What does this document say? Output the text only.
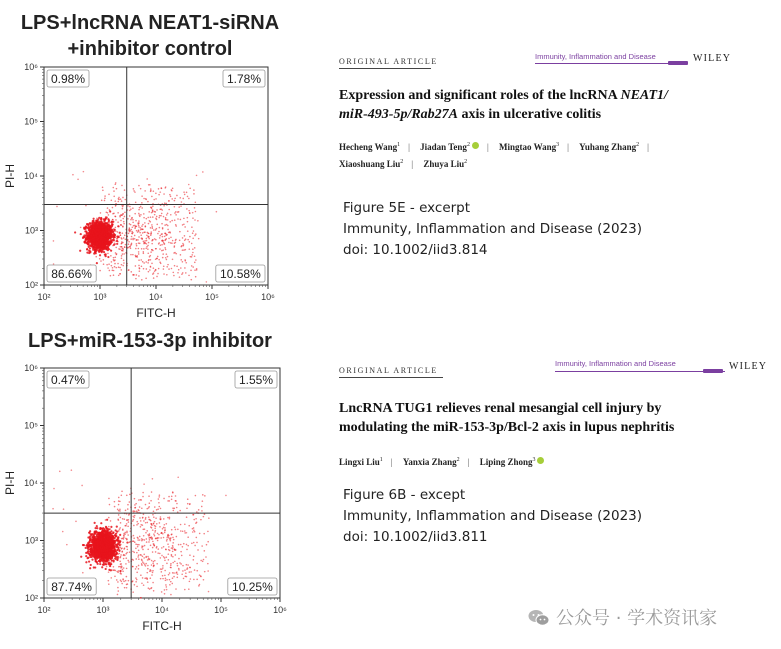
LPS+lncRNA NEAT1-siRNA
+inhibitor control
10²
10²
10³
10³
10⁴
10⁴
10⁵
10⁵
10⁶
10⁶
FITC-H
PI-H
0.98%	1.78%
86.66%	10.58%
LPS+miR-153-3p inhibitor
10²
10²
10³
10³
10⁴
10⁴
10⁵
10⁵
10⁶
10⁶
FITC-H
PI-H
0.47%	1.55%
87.74%	10.25%
ORIGINAL ARTICLE
Immunity, Inflammation and Disease	WILEY
Expression and significant roles of the lncRNA NEAT1/
miR-493-5p/Rab27A axis in ulcerative colitis
Hecheng Wang$^1$ | Jiadan Teng$^2$ | Mingtao Wang$^3$ | Yuhang Zhang$^2$ |
Xiaoshuang Liu$^2$ | Zhuya Liu$^2$
Figure 5E - excerpt
Immunity, Inflammation and Disease (2023)
doi: 10.1002/iid3.814
ORIGINAL ARTICLE
Immunity, Inflammation and Disease	WILEY
LncRNA TUG1 relieves renal mesangial cell injury by
modulating the miR-153-3p/Bcl-2 axis in lupus nephritis
Lingxi Liu$^1$ | Yanxia Zhang$^2$ | Liping Zhong$^3$
Figure 6B - except
Immunity, Inflammation and Disease (2023)
doi: 10.1002/iid3.811
公众号 · 学术资讯家
